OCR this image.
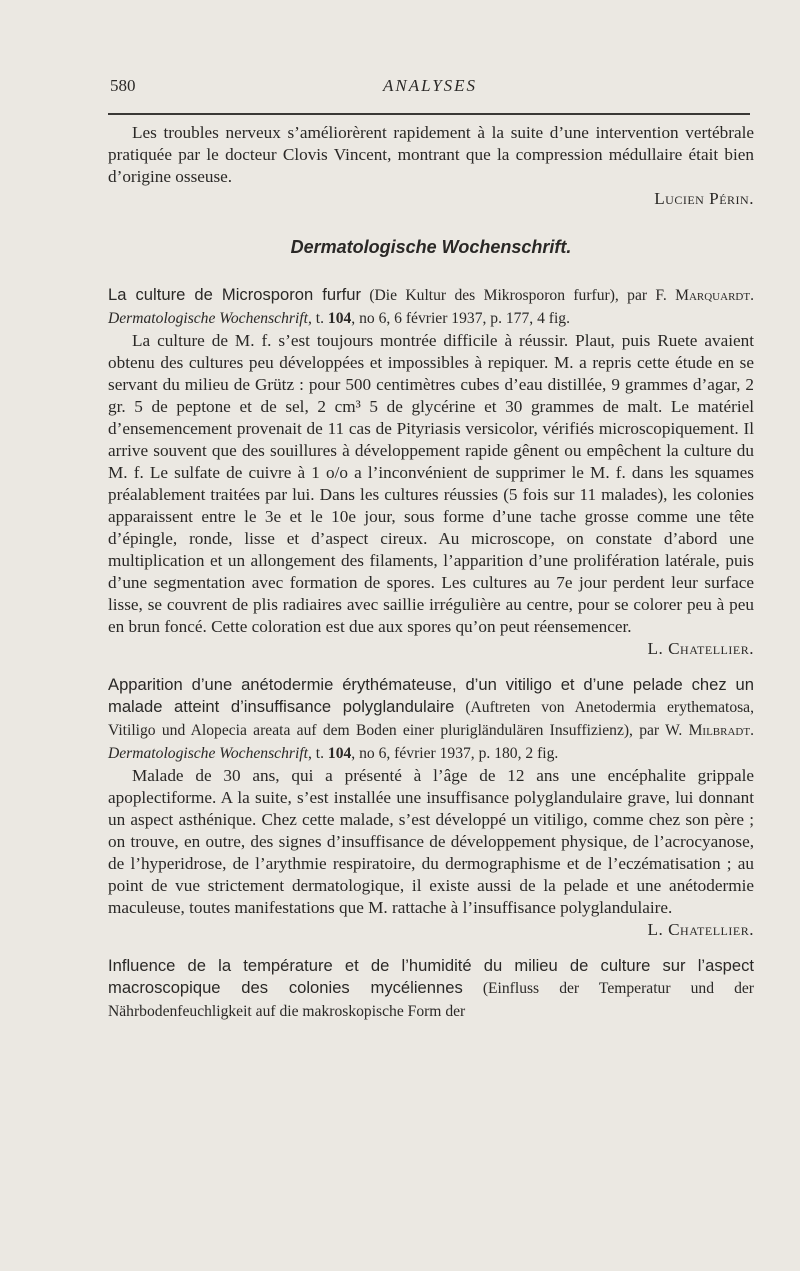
580	ANALYSES

Les troubles nerveux s’améliorèrent rapidement à la suite d’une intervention vertébrale pratiquée par le docteur Clovis Vincent, montrant que la compression médullaire était bien d’origine osseuse.

Lucien Périn.

Dermatologische Wochenschrift.
La culture de Microsporon furfur (Die Kultur des Mikrosporon furfur), par F. Marquardt. Dermatologische Wochenschrift, t. 104, no 6, 6 février 1937, p. 177, 4 fig.

La culture de M. f. s’est toujours montrée difficile à réussir. Plaut, puis Ruete avaient obtenu des cultures peu développées et impossibles à repiquer. M. a repris cette étude en se servant du milieu de Grütz : pour 500 centimètres cubes d’eau distillée, 9 grammes d’agar, 2 gr. 5 de peptone et de sel, 2 cm³ 5 de glycérine et 30 grammes de malt. Le matériel d’ensemencement provenait de 11 cas de Pityriasis versicolor, vérifiés microscopiquement. Il arrive souvent que des souillures à développement rapide gênent ou empêchent la culture du M. f. Le sulfate de cuivre à 1 o/o a l’inconvénient de supprimer le M. f. dans les squames préalablement traitées par lui. Dans les cultures réussies (5 fois sur 11 malades), les colonies apparaissent entre le 3e et le 10e jour, sous forme d’une tache grosse comme une tête d’épingle, ronde, lisse et d’aspect cireux. Au microscope, on constate d’abord une multiplication et un allongement des filaments, l’apparition d’une prolifération latérale, puis d’une segmentation avec formation de spores. Les cultures au 7e jour perdent leur surface lisse, se couvrent de plis radiaires avec saillie irrégulière au centre, pour se colorer peu à peu en brun foncé. Cette coloration est due aux spores qu’on peut réensemencer.

L. Chatellier.

Apparition d’une anétodermie érythémateuse, d’un vitiligo et d’une pelade chez un malade atteint d’insuffisance polyglandulaire (Auftreten von Anetodermia erythematosa, Vitiligo und Alopecia areata auf dem Boden einer plurigländulären Insuffizienz), par W. Milbradt. Dermatologische Wochenschrift, t. 104, no 6, février 1937, p. 180, 2 fig.

Malade de 30 ans, qui a présenté à l’âge de 12 ans une encéphalite grippale apoplectiforme. A la suite, s’est installée une insuffisance polyglandulaire grave, lui donnant un aspect asthénique. Chez cette malade, s’est développé un vitiligo, comme chez son père ; on trouve, en outre, des signes d’insuffisance de développement physique, de l’acrocyanose, de l’hyperidrose, de l’arythmie respiratoire, du dermographisme et de l’eczématisation ; au point de vue strictement dermatologique, il existe aussi de la pelade et une anétodermie maculeuse, toutes manifestations que M. rattache à l’insuffisance polyglandulaire.

L. Chatellier.

Influence de la température et de l’humidité du milieu de culture sur l’aspect macroscopique des colonies mycéliennes (Einfluss der Temperatur und der Nährbodenfeuchligkeit auf die makroskopische Form der
